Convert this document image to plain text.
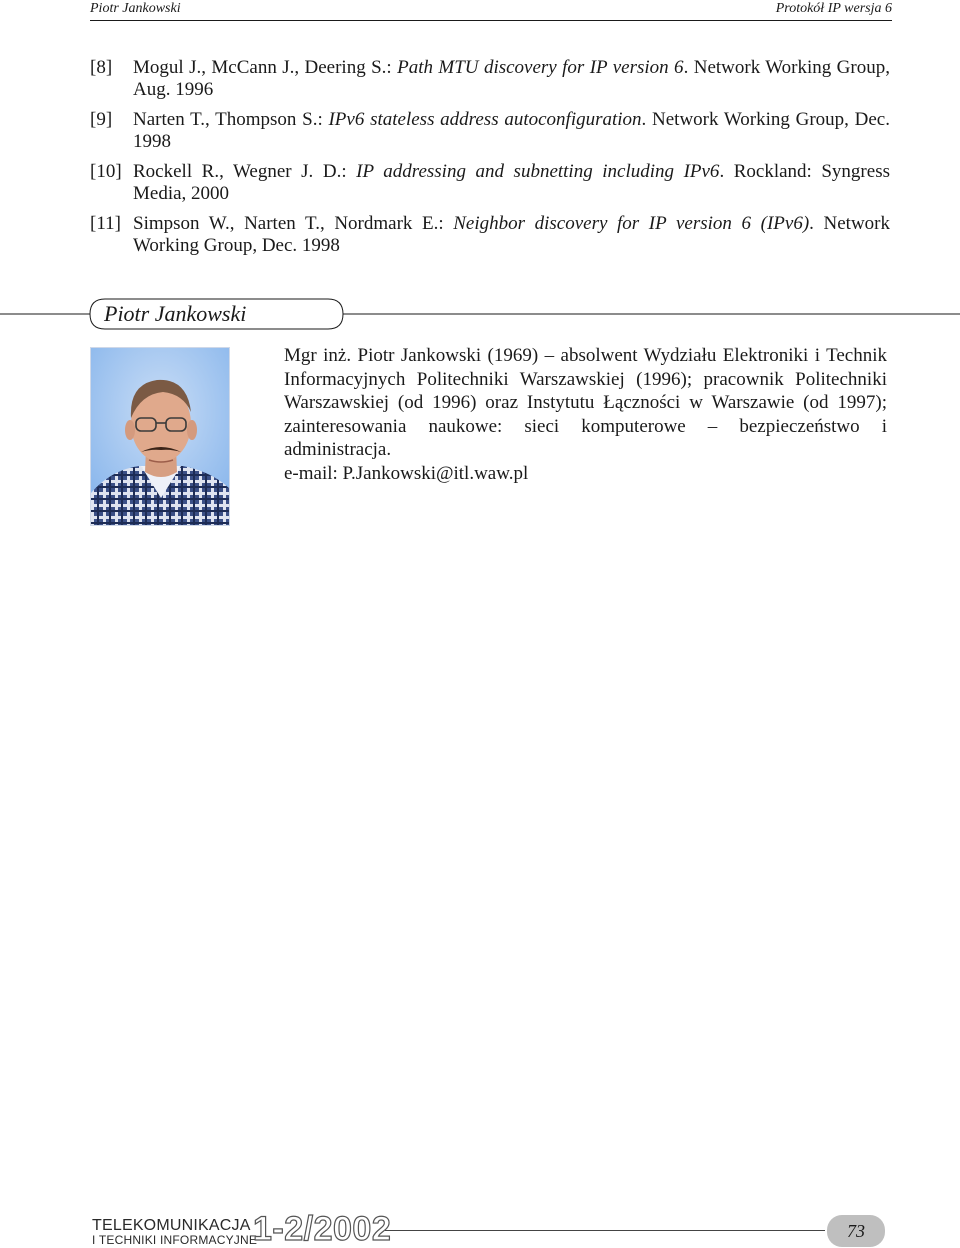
Piotr Jankowski	Protokół IP wersja 6
[8] Mogul J., McCann J., Deering S.: Path MTU discovery for IP version 6. Network Working Group, Aug. 1996
[9] Narten T., Thompson S.: IPv6 stateless address autoconfiguration. Network Working Group, Dec. 1998
[10] Rockell R., Wegner J. D.: IP addressing and subnetting including IPv6. Rockland: Syngress Media, 2000
[11] Simpson W., Narten T., Nordmark E.: Neighbor discovery for IP version 6 (IPv6). Network Working Group, Dec. 1998
Piotr Jankowski

Mgr inż. Piotr Jankowski (1969) – absolwent Wydziału Elektroniki i Technik Informacyjnych Politechniki Warszawskiej (1996); pracownik Politechniki Warszawskiej (od 1996) oraz Instytutu Łączności w Warszawie (od 1997); zainteresowania naukowe: sieci komputerowe – bezpieczeństwo i administracja.

e-mail: P.Jankowski@itl.waw.pl

TELEKOMUNIKACJA
I TECHNIKI INFORMACYJNE
1-2/2002	73
